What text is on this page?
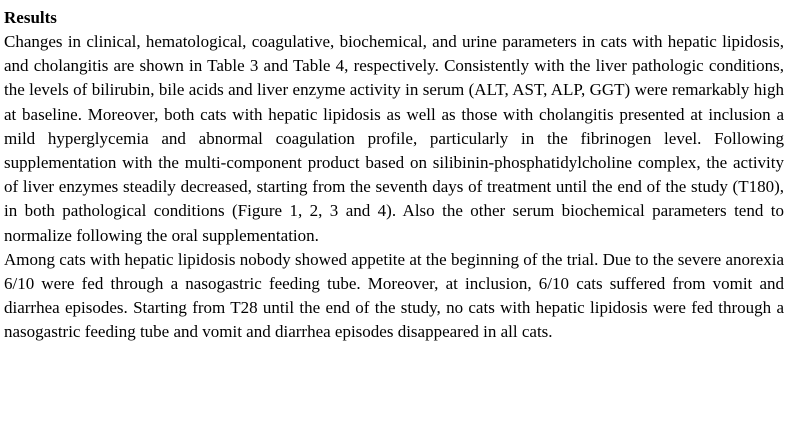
Results

Changes in clinical, hematological, coagulative, biochemical, and urine parameters in cats with hepatic lipidosis, and cholangitis are shown in Table 3 and Table 4, respectively. Consistently with the liver pathologic conditions, the levels of bilirubin, bile acids and liver enzyme activity in serum (ALT, AST, ALP, GGT) were remarkably high at baseline. Moreover, both cats with hepatic lipidosis as well as those with cholangitis presented at inclusion a mild hyperglycemia and abnormal coagulation profile, particularly in the fibrinogen level. Following supplementation with the multi-component product based on silibinin-phosphatidylcholine complex, the activity of liver enzymes steadily decreased, starting from the seventh days of treatment until the end of the study (T180), in both pathological conditions (Figure 1, 2, 3 and 4). Also the other serum biochemical parameters tend to normalize following the oral supplementation.

Among cats with hepatic lipidosis nobody showed appetite at the beginning of the trial. Due to the severe anorexia 6/10 were fed through a nasogastric feeding tube. Moreover, at inclusion, 6/10 cats suffered from vomit and diarrhea episodes. Starting from T28 until the end of the study, no cats with hepatic lipidosis were fed through a nasogastric feeding tube and vomit and diarrhea episodes disappeared in all cats.
